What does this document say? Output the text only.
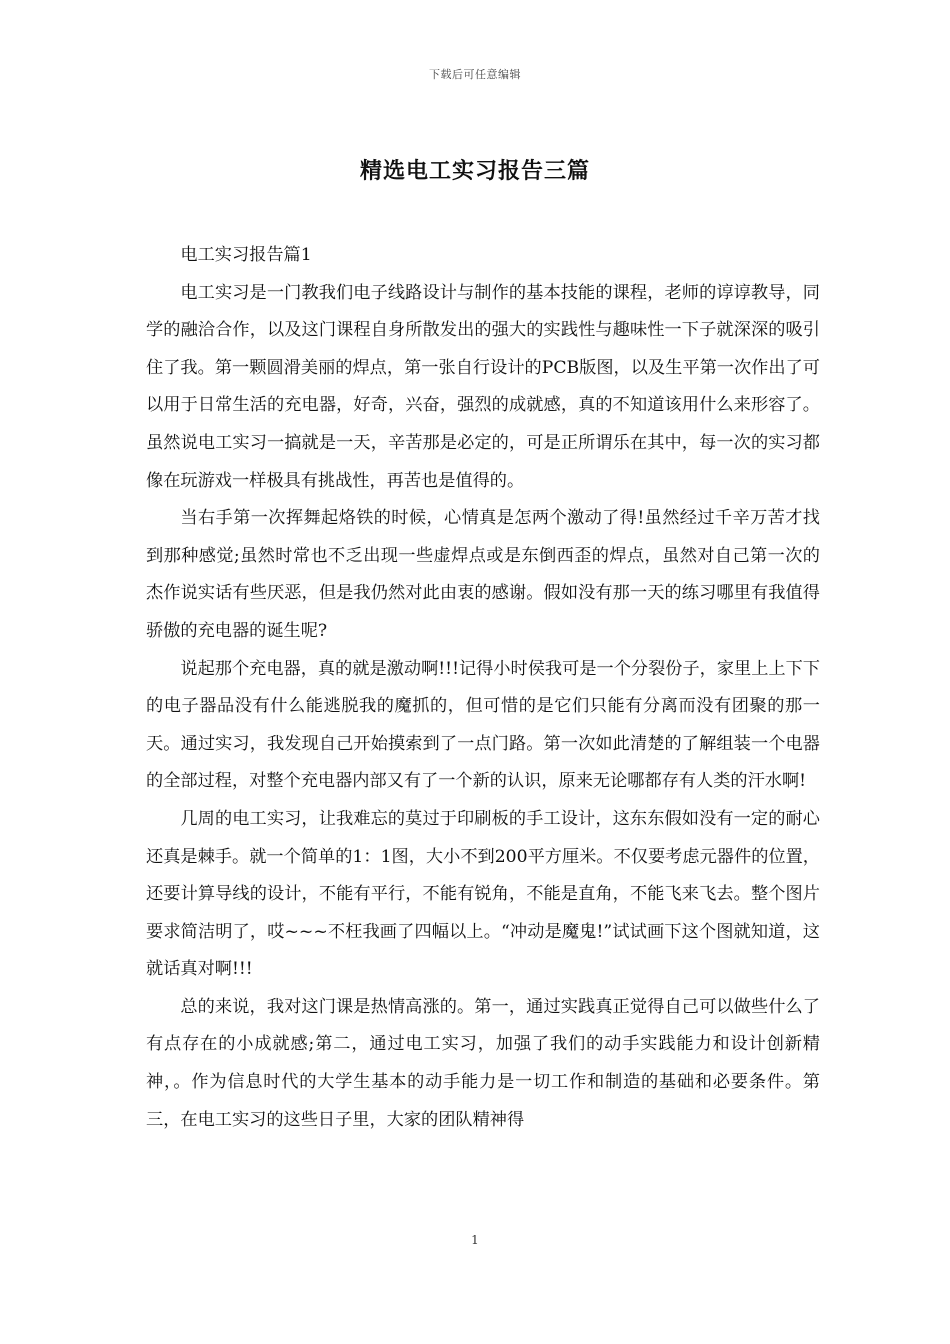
下载后可任意编辑
精选电工实习报告三篇

电工实习报告篇1

电工实习是一门教我们电子线路设计与制作的基本技能的课程，老师的谆谆教导，同学的融洽合作，以及这门课程自身所散发出的强大的实践性与趣味性一下子就深深的吸引住了我。第一颗圆滑美丽的焊点，第一张自行设计的PCB版图，以及生平第一次作出了可以用于日常生活的充电器，好奇，兴奋，强烈的成就感，真的不知道该用什么来形容了。虽然说电工实习一搞就是一天，辛苦那是必定的，可是正所谓乐在其中，每一次的实习都像在玩游戏一样极具有挑战性，再苦也是值得的。

当右手第一次挥舞起烙铁的时候，心情真是怎两个激动了得!虽然经过千辛万苦才找到那种感觉;虽然时常也不乏出现一些虚焊点或是东倒西歪的焊点，虽然对自己第一次的杰作说实话有些厌恶，但是我仍然对此由衷的感谢。假如没有那一天的练习哪里有我值得骄傲的充电器的诞生呢?

说起那个充电器，真的就是激动啊!!!记得小时侯我可是一个分裂份子，家里上上下下的电子器品没有什么能逃脱我的魔抓的，但可惜的是它们只能有分离而没有团聚的那一天。通过实习，我发现自己开始摸索到了一点门路。第一次如此清楚的了解组装一个电器的全部过程，对整个充电器内部又有了一个新的认识，原来无论哪都存有人类的汗水啊!

几周的电工实习，让我难忘的莫过于印刷板的手工设计，这东东假如没有一定的耐心还真是棘手。就一个简单的1：1图，大小不到200平方厘米。不仅要考虑元器件的位置，还要计算导线的设计，不能有平行，不能有锐角，不能是直角，不能飞来飞去。整个图片要求简洁明了，哎~~~不枉我画了四幅以上。“冲动是魔鬼!”试试画下这个图就知道，这就话真对啊!!!

总的来说，我对这门课是热情高涨的。第一，通过实践真正觉得自己可以做些什么了有点存在的小成就感;第二，通过电工实习，加强了我们的动手实践能力和设计创新精神，。作为信息时代的大学生基本的动手能力是一切工作和制造的基础和必要条件。第三，在电工实习的这些日子里，大家的团队精神得

1
